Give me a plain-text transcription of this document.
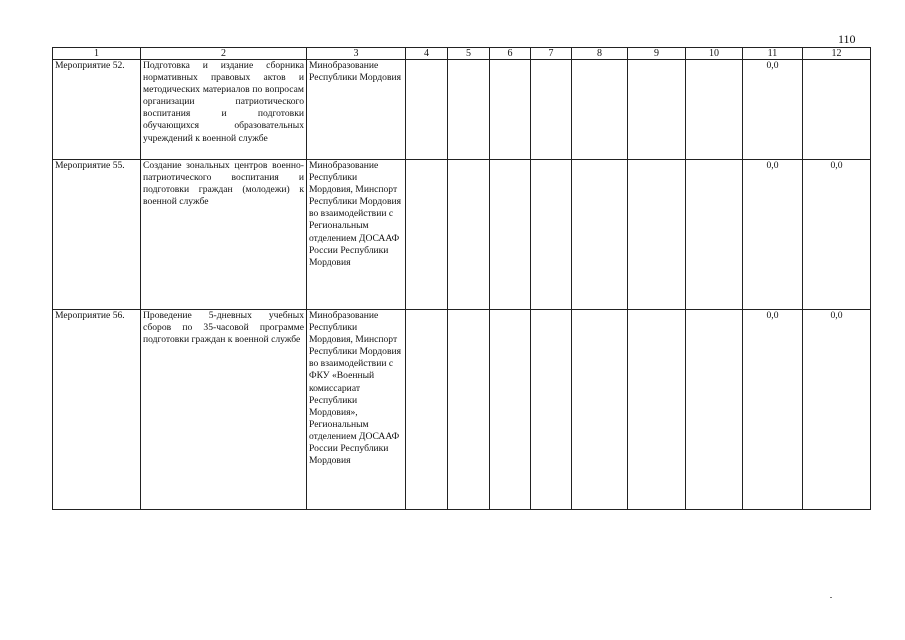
110
1	2	3	4	5	6	7	8	9	10	11	12
Мероприятие 52.	Подготовка и издание сборника нормативных правовых актов и методических материалов по вопросам организации патриотического воспитания и подготовки обучающихся образовательных учреждений к военной службе	Минобразование Республики Мордовия								0,0	
Мероприятие 55.	Создание зональных центров военно-патриотического воспитания и подготовки граждан (молодежи) к военной службе	Минобразование Республики Мордовия, Минспорт Республики Мордовия во взаимодействии с Региональным отделением ДОСААФ России Республики Мордовия								0,0	0,0
Мероприятие 56.	Проведение 5-дневных учебных сборов по 35-часовой программе подготовки граждан к военной службе	Минобразование Республики Мордовия, Минспорт Республики Мордовия во взаимодействии с ФКУ «Военный комиссариат Республики Мордовия», Региональным отделением ДОСААФ России Республики Мордовия								0,0	0,0
